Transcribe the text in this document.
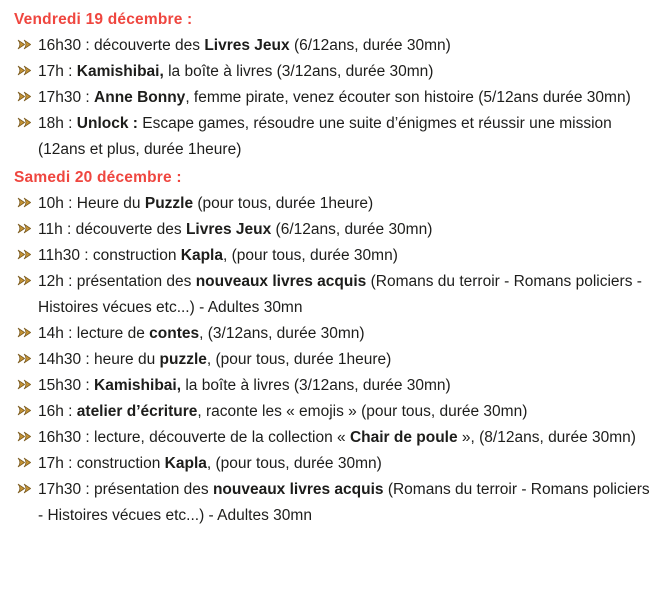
Vendredi 19 décembre :
16h30 : découverte des Livres Jeux (6/12ans, durée 30mn)
17h : Kamishibai, la boîte à livres (3/12ans, durée 30mn)
17h30 : Anne Bonny, femme pirate, venez écouter son histoire (5/12ans durée 30mn)
18h : Unlock : Escape games, résoudre une suite d’énigmes et réussir une mission (12ans et plus, durée 1heure)
Samedi 20 décembre :
10h : Heure du Puzzle (pour tous, durée 1heure)
11h : découverte des Livres Jeux (6/12ans, durée 30mn)
11h30 : construction Kapla, (pour tous, durée 30mn)
12h : présentation des nouveaux livres acquis (Romans du terroir - Romans policiers - Histoires vécues etc...) - Adultes 30mn
14h : lecture de contes, (3/12ans, durée 30mn)
14h30 : heure du puzzle, (pour tous, durée 1heure)
15h30 : Kamishibai, la boîte à livres (3/12ans, durée 30mn)
16h : atelier d’écriture, raconte les « emojis » (pour tous, durée 30mn)
16h30 : lecture, découverte de la collection « Chair de poule », (8/12ans, durée 30mn)
17h : construction Kapla, (pour tous, durée 30mn)
17h30 : présentation des nouveaux livres acquis (Romans du terroir - Romans policiers - Histoires vécues etc...) - Adultes 30mn
